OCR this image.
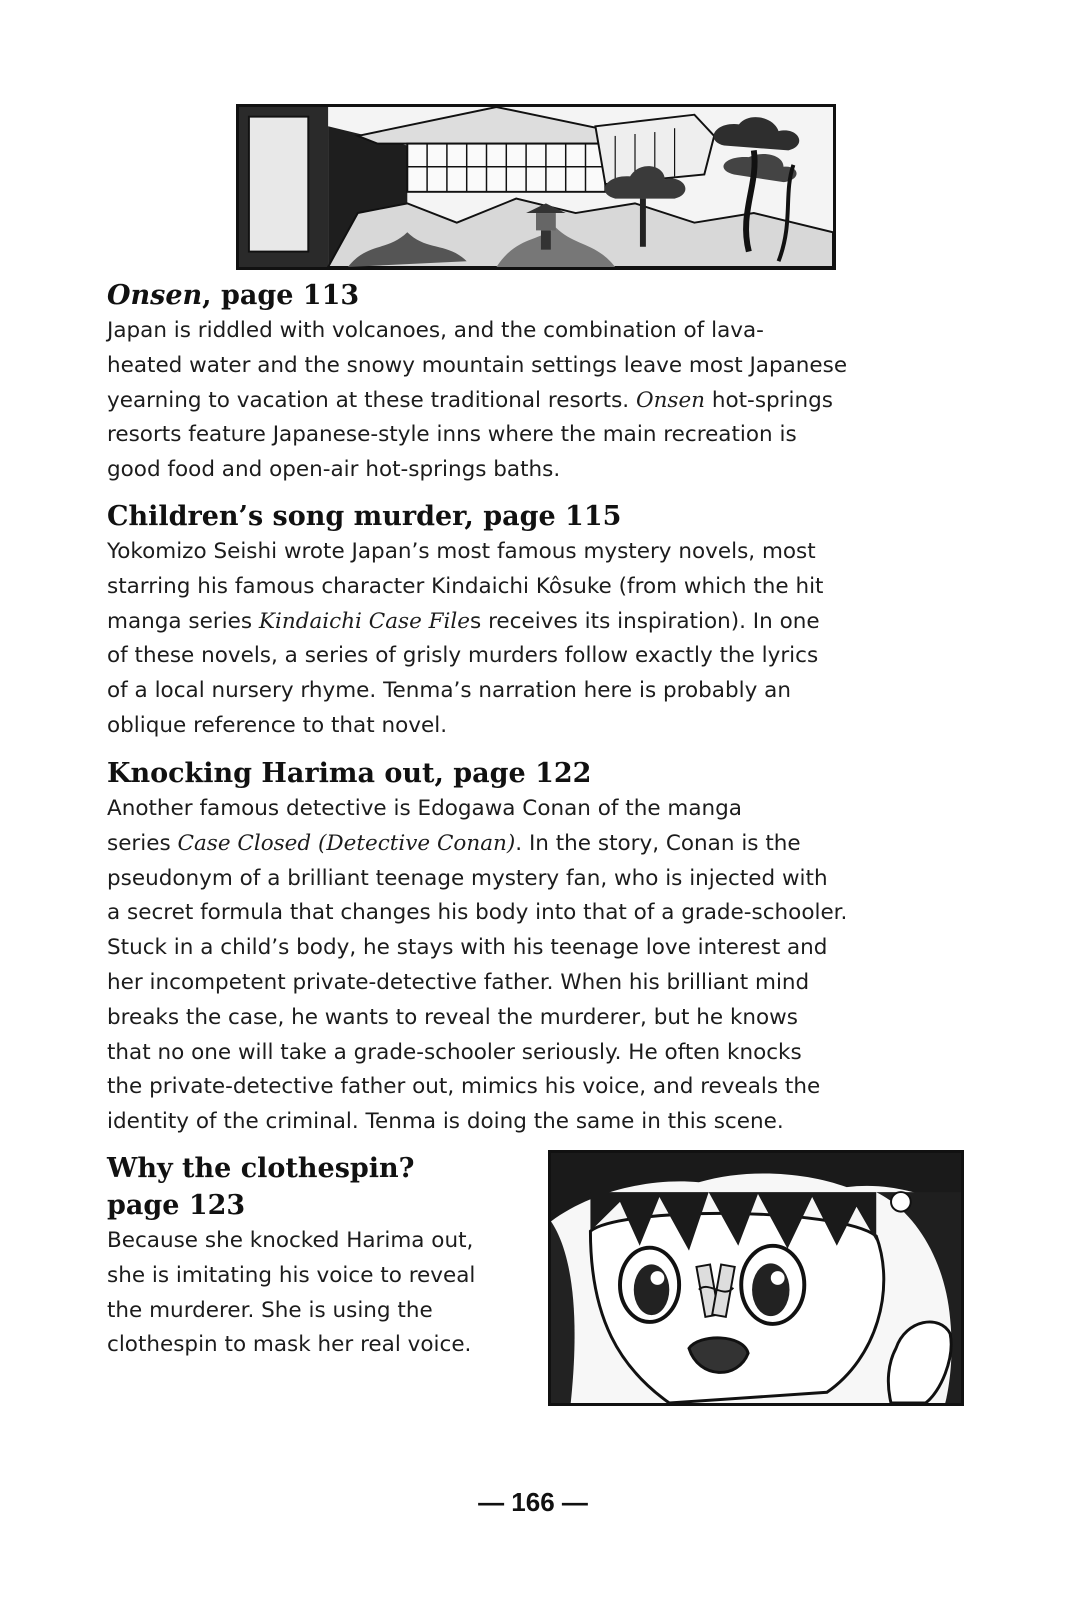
Onsen, page 113

Japan is riddled with volcanoes, and the combination of lava-
heated water and the snowy mountain settings leave most Japanese
yearning to vacation at these traditional resorts. Onsen hot-springs
resorts feature Japanese-style inns where the main recreation is
good food and open-air hot-springs baths.

Children’s song murder, page 115

Yokomizo Seishi wrote Japan’s most famous mystery novels, most
starring his famous character Kindaichi Kôsuke (from which the hit
manga series Kindaichi Case Files receives its inspiration). In one
of these novels, a series of grisly murders follow exactly the lyrics
of a local nursery rhyme. Tenma’s narration here is probably an
oblique reference to that novel.

Knocking Harima out, page 122

Another famous detective is Edogawa Conan of the manga
series Case Closed (Detective Conan). In the story, Conan is the
pseudonym of a brilliant teenage mystery fan, who is injected with
a secret formula that changes his body into that of a grade-schooler.
Stuck in a child’s body, he stays with his teenage love interest and
her incompetent private-detective father. When his brilliant mind
breaks the case, he wants to reveal the murderer, but he knows
that no one will take a grade-schooler seriously. He often knocks
the private-detective father out, mimics his voice, and reveals the
identity of the criminal. Tenma is doing the same in this scene.

Why the clothespin?
page 123

Because she knocked Harima out,
she is imitating his voice to reveal
the murderer. She is using the
clothespin to mask her real voice.

— 166 —
